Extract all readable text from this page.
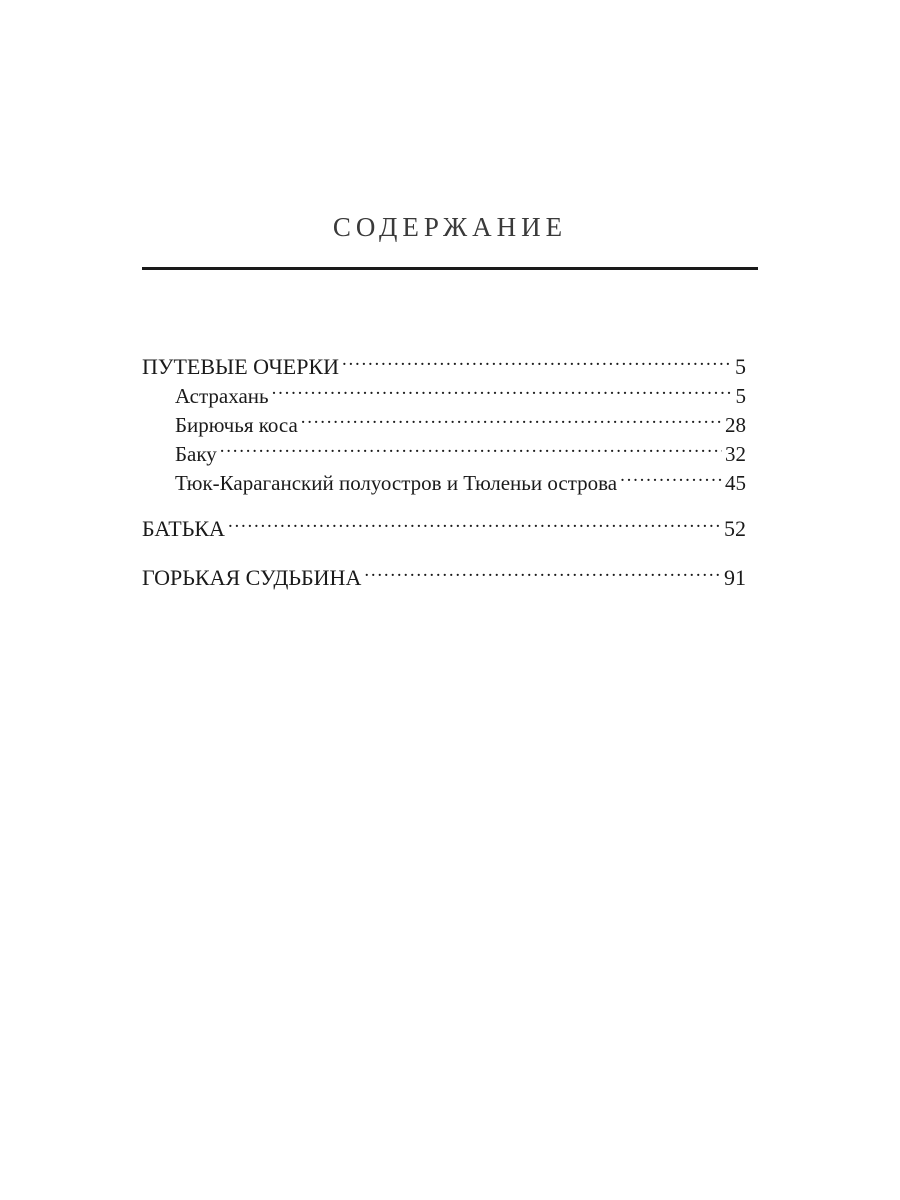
СОДЕРЖАНИЕ
ПУТЕВЫЕ ОЧЕРКИ . . .	5
Астрахань . . .	5
Бирючья коса . . .	28
Баку . . .	32
Тюк-Караганский полуостров и Тюленьи острова . . .	45
БАТЬКА . . .	52
ГОРЬКАЯ СУДЬБИНА . . .	91
